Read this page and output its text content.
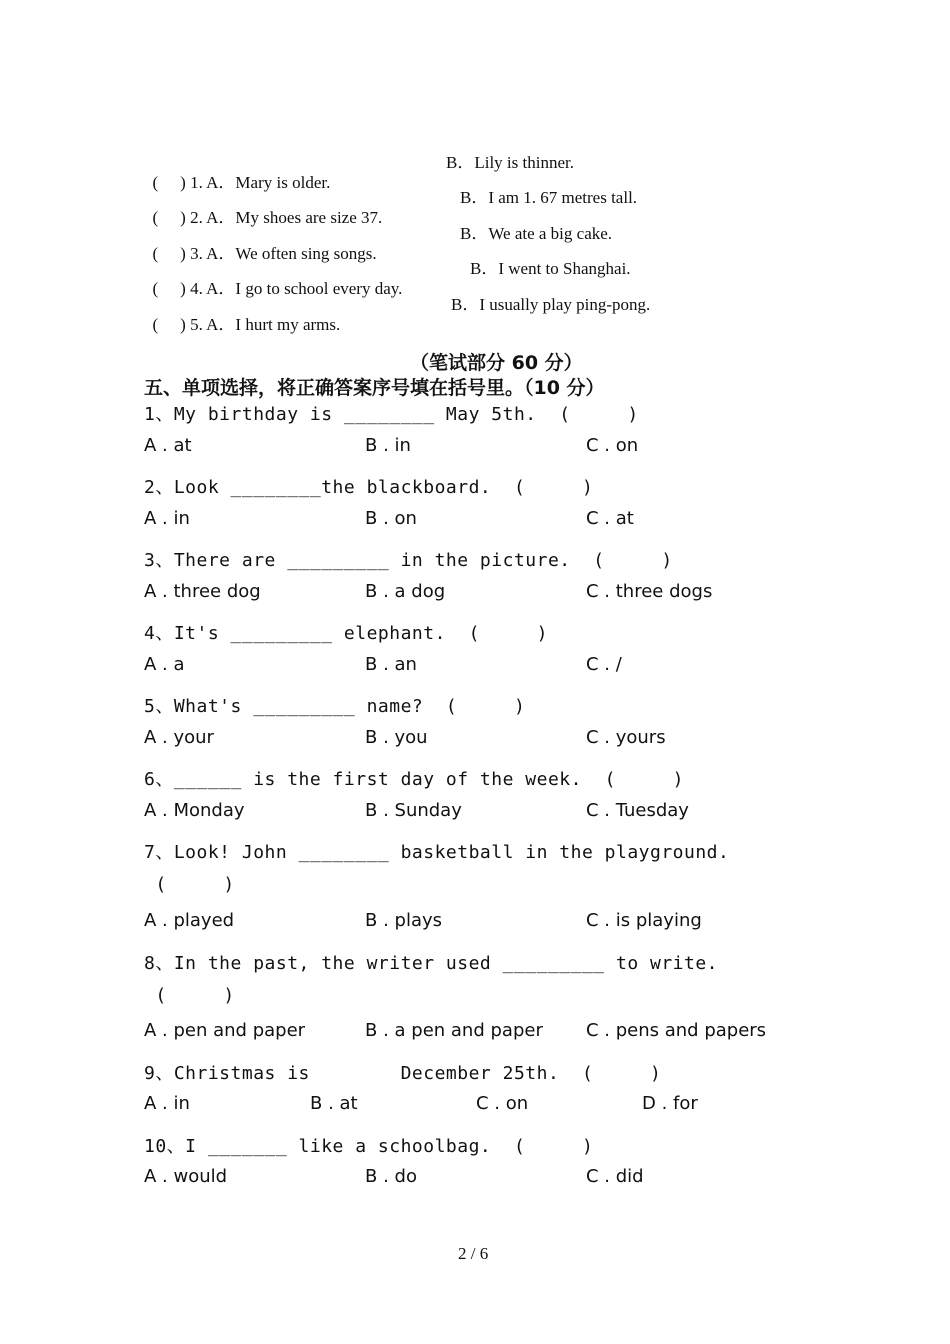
( ) 1. A．Mary is older.

B．Lily is thinner.

( ) 2. A．My shoes are size 37.

B．I am 1. 67 metres tall.

( ) 3. A．We often sing songs.

B．We ate a big cake.

( ) 4. A．I go to school every day.

B．I went to Shanghai.

( ) 5. A．I hurt my arms.

B．I usually play ping-pong.
（笔试部分 60 分）
五、单项选择，将正确答案序号填在括号里。（10 分）
1、My birthday is ________ May 5th.  (     )
A . at	B . in	C . on
2、Look ________the blackboard.  (     )
A . in	B . on	C . at
3、There are _________ in the picture.  (     )
A . three dog	B . a dog	C . three dogs
4、It's _________ elephant.  (     )
A . a	B . an	C . /
5、What's _________ name?  (     )
A . your	B . you	C . yours
6、______ is the first day of the week.  (     )
A . Monday	B . Sunday	C . Tuesday
7、Look! John ________ basketball in the playground.
(     )
A . played	B . plays	C . is playing
8、In the past, the writer used _________ to write.
(     )
A . pen and paper	B . a pen and paper C . pens and papers
9、Christmas is        December 25th.  (     )
A . in	B . at	C . on	D . for
10、I _______ like a schoolbag.  (     )
A . would	B . do	C . did
2 / 6
